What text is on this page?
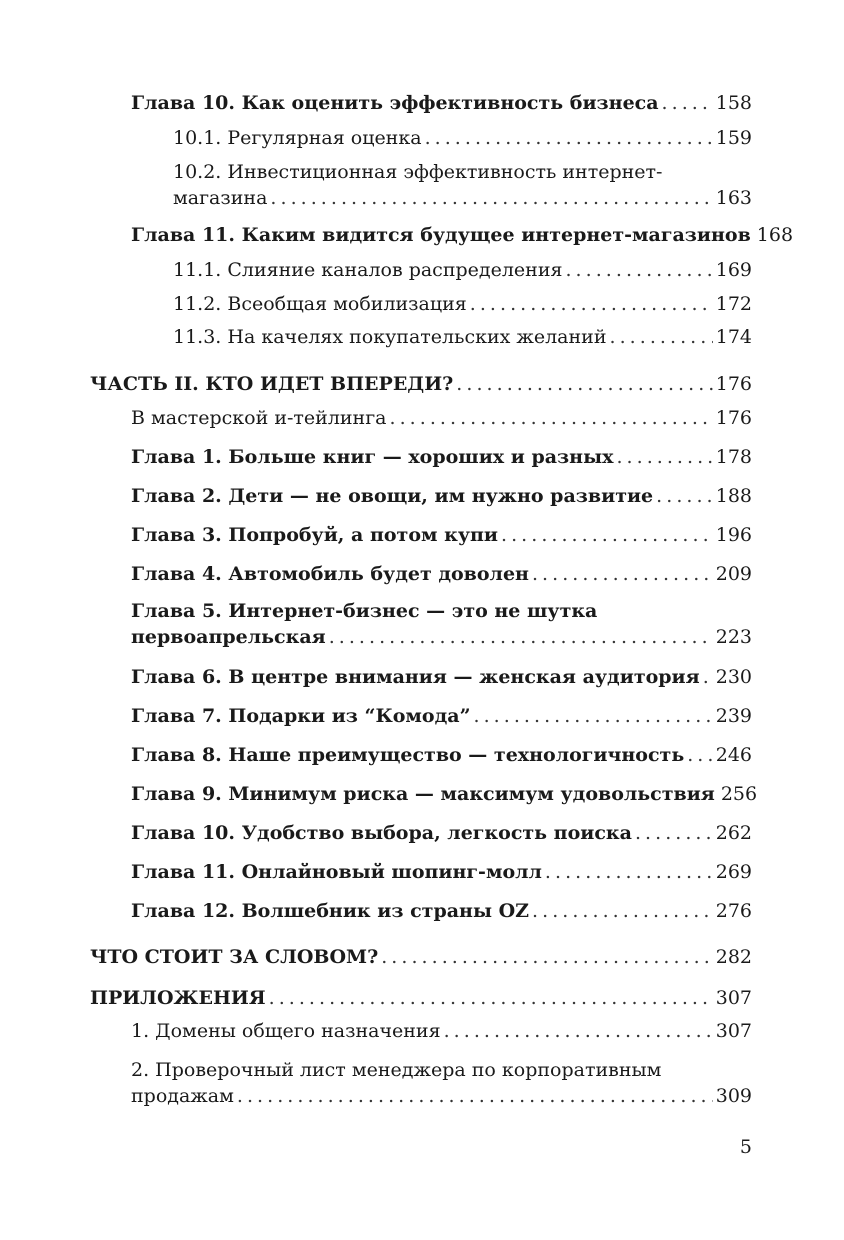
Глава 10. Как оценить эффективность бизнеса . . .	158
10.1. Регулярная оценка . . .	159
10.2. Инвестиционная эффективность интернет-
магазина . . .	163
Глава 11. Каким видится будущее интернет-магазинов 168
11.1. Слияние каналов распределения . . .	169
11.2. Всеобщая мобилизация . . .	172
11.3. На качелях покупательских желаний . . .	174
ЧАСТЬ II. КТО ИДЕТ ВПЕРЕДИ? . . .	176
В мастерской и-тейлинга . . .	176
Глава 1. Больше книг — хороших и разных . . .	178
Глава 2. Дети — не овощи, им нужно развитие . . .	188
Глава 3. Попробуй, а потом купи . . .	196
Глава 4. Автомобиль будет доволен . . .	209
Глава 5. Интернет-бизнес — это не шутка
первоапрельская . . .	223
Глава 6. В центре внимания — женская аудитория . . . 230
Глава 7. Подарки из “Комода” . . .	239
Глава 8. Наше преимущество — технологичность . . . 246
Глава 9. Минимум риска — максимум удовольствия 256
Глава 10. Удобство выбора, легкость поиска . . .	262
Глава 11. Онлайновый шопинг-молл . . .	269
Глава 12. Волшебник из страны OZ . . .	276
ЧТО СТОИТ ЗА СЛОВОМ? . . .	282
ПРИЛОЖЕНИЯ . . .	307
1. Домены общего назначения . . .	307
2. Проверочный лист менеджера по корпоративным
продажам . . .	309
5
